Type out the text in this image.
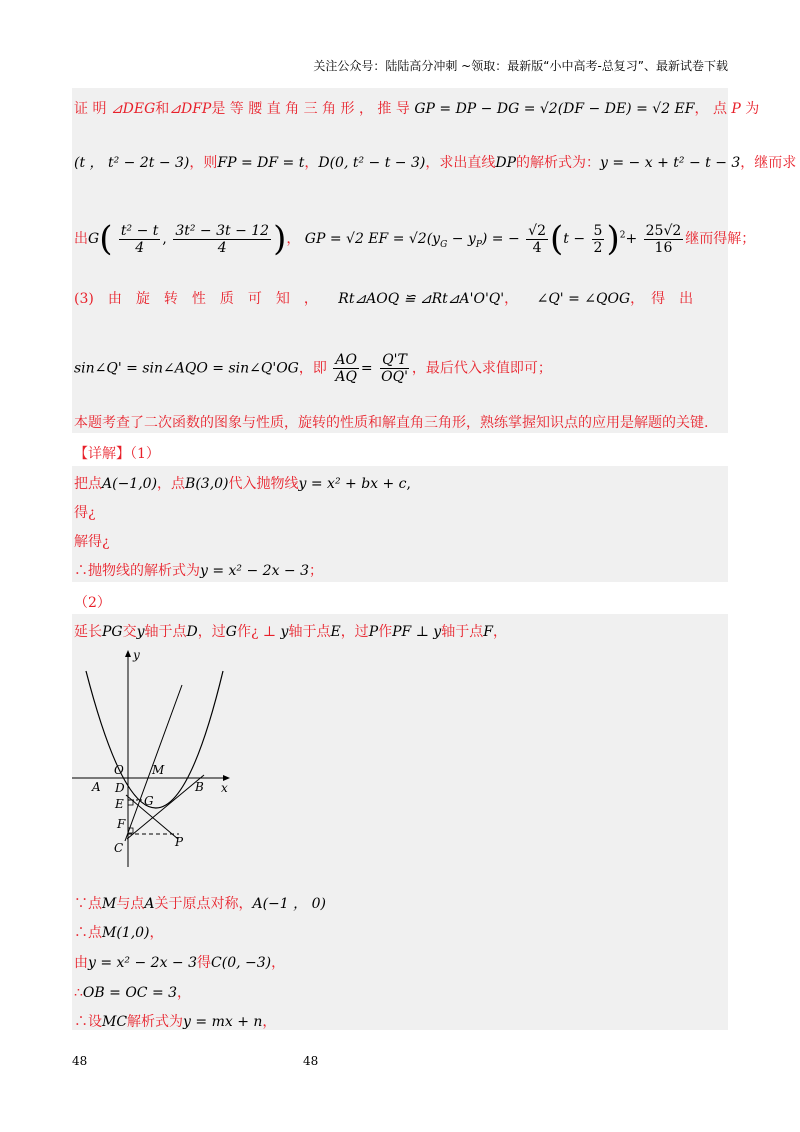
关注公众号：陆陆高分冲刺 ~领取：最新版“小中高考-总复习”、最新试卷下载
证 明 ⊿DEG和⊿DFP是 等 腰 直 角 三 角 形 ， 推 导 GP = DP − DG = √2(DF − DE) = √2 EF， 点 P 为
(t ， t² − 2t − 3)，则FP = DF = t，D(0, t² − t − 3)，求出直线DP的解析式为：y = − x + t² − t − 3，继而求
出$G( \frac{\text{t² − t}}{4}$ , $\frac{\text{3t² − 3t − 12}}{4}$ )， GP = √2 EF = $√2(y_G - y_P)$ = − $\frac{√2}{4} (t - \frac{5}{2} )^2+ \frac{25√2}{16}$ 继而得解；
(3)　由　旋　转　性　质　可　知　， Rt⊿AOQ ≌ ⊿Rt⊿A'O'Q'， ∠Q' = ∠QOG，　得　出
sin∠Q' = sin∠AQO = sin∠Q'OG，即 $\frac{AO}{AQ} = \frac{Q'T}{OQ'}$ ，最后代入求值即可；
本题考查了二次函数的图象与性质，旋转的性质和解直角三角形，熟练掌握知识点的应用是解题的关键.
【详解】（1）
把点A(−1,0)，点B(3,0)代入抛物线y = x² + bx + c,
得¿
解得¿
∴抛物线的解析式为y = x² − 2x − 3；
（2）
延长PG交y轴于点D，过G作¿ ⊥ y轴于点E，过P作PF ⊥ y轴于点F，
y
x
O M
A D	B
E G
F
C	P
∵点M与点A关于原点对称，A(−1 ， 0)
∴点M(1,0)，
由y = x² − 2x − 3得C(0, −3)，
∴OB = OC = 3，
∴设MC解析式为y = mx + n，
48	48
